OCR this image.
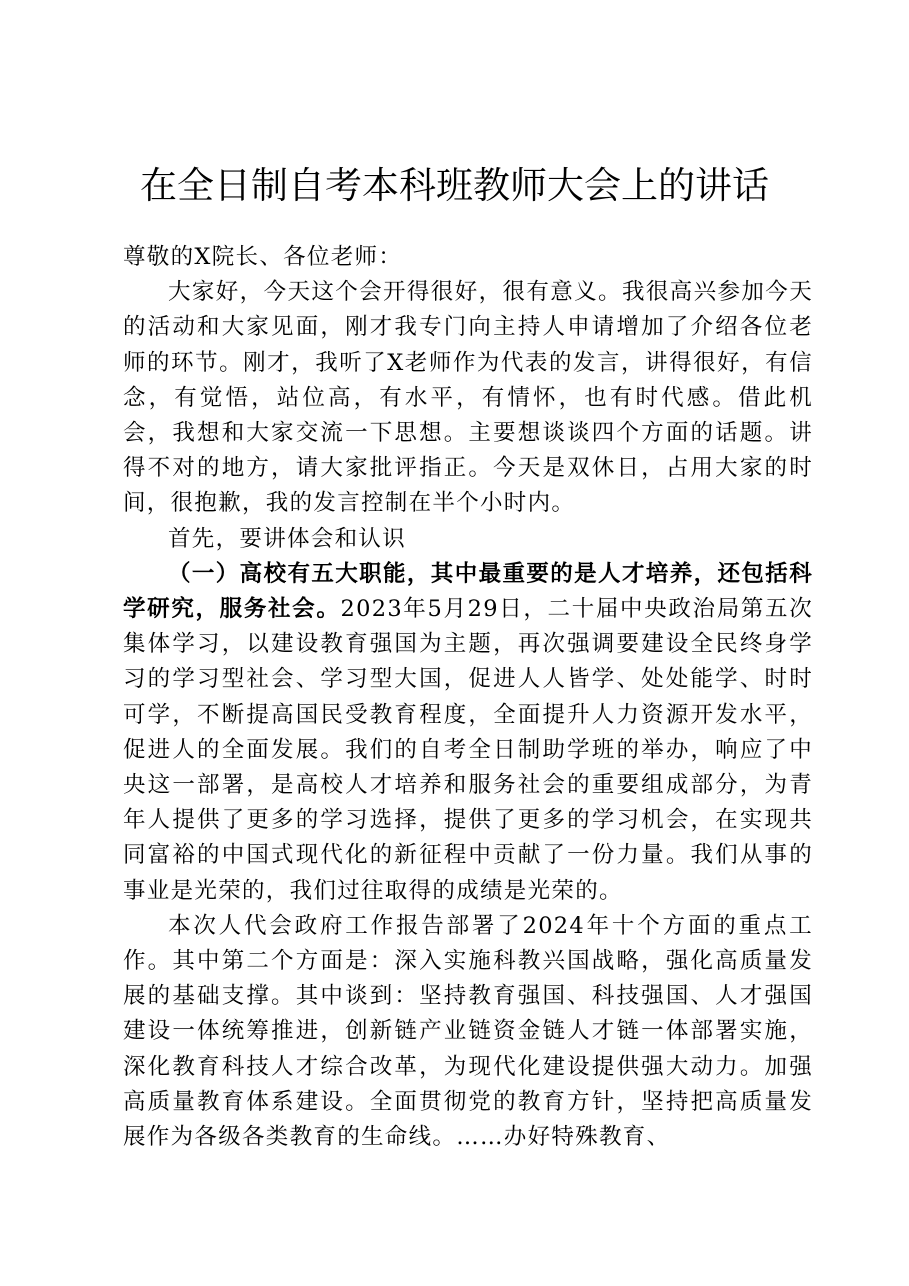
在全日制自考本科班教师大会上的讲话

尊敬的X院长、各位老师：

大家好，今天这个会开得很好，很有意义。我很高兴参加今天的活动和大家见面，刚才我专门向主持人申请增加了介绍各位老师的环节。刚才，我听了X老师作为代表的发言，讲得很好，有信念，有觉悟，站位高，有水平，有情怀，也有时代感。借此机会，我想和大家交流一下思想。主要想谈谈四个方面的话题。讲得不对的地方，请大家批评指正。今天是双休日，占用大家的时间，很抱歉，我的发言控制在半个小时内。

首先，要讲体会和认识

（一）高校有五大职能，其中最重要的是人才培养，还包括科学研究，服务社会。2023年5月29日，二十届中央政治局第五次集体学习，以建设教育强国为主题，再次强调要建设全民终身学习的学习型社会、学习型大国，促进人人皆学、处处能学、时时可学，不断提高国民受教育程度，全面提升人力资源开发水平，促进人的全面发展。我们的自考全日制助学班的举办，响应了中央这一部署，是高校人才培养和服务社会的重要组成部分，为青年人提供了更多的学习选择，提供了更多的学习机会，在实现共同富裕的中国式现代化的新征程中贡献了一份力量。我们从事的事业是光荣的，我们过往取得的成绩是光荣的。

本次人代会政府工作报告部署了2024年十个方面的重点工作。其中第二个方面是：深入实施科教兴国战略，强化高质量发展的基础支撑。其中谈到：坚持教育强国、科技强国、人才强国建设一体统筹推进，创新链产业链资金链人才链一体部署实施，深化教育科技人才综合改革，为现代化建设提供强大动力。加强高质量教育体系建设。全面贯彻党的教育方针，坚持把高质量发展作为各级各类教育的生命线。……办好特殊教育、
